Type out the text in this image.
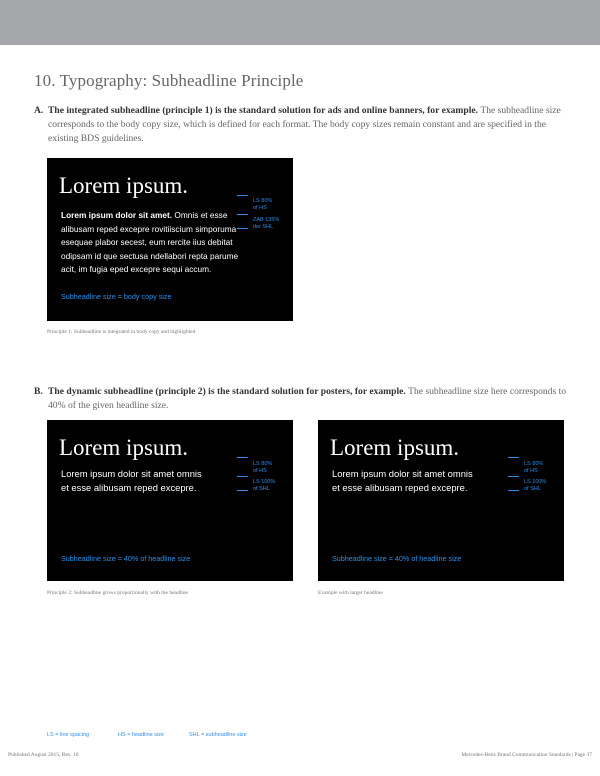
10. Typography: Subheadline Principle
A. The integrated subheadline (principle 1) is the standard solution for ads and online banners, for example. The subheadline size corresponds to the body copy size, which is defined for each format. The body copy sizes remain constant and are specified in the existing BDS guidelines.
Lorem ipsum.
Lorem ipsum dolor sit amet. Omnis et esse
alibusam reped excepre rovitiiscium simporuma
esequae plabor secest, eum rercite iius debitat
odipsam id que sectusa ndellabori repta parume
acit, im fugia eped excepre sequi accum.
LS 80%
of HS
ZAB 135%
der SHL
Subheadline size = body copy size
Principle 1: Subheadline is integrated in body copy and highlighted
B. The dynamic subheadline (principle 2) is the standard solution for posters, for example. The subheadline size here corresponds to 40% of the given headline size.
Lorem ipsum.
Lorem ipsum dolor sit amet omnis
et esse alibusam reped excepre.
LS 80%
of HS
LS 100%
of SHL
Subheadline size = 40% of headline size
Lorem ipsum.
Lorem ipsum dolor sit amet omnis
et esse alibusam reped excepre.
LS 80%
of HS
LS 100%
of SHL
Subheadline size = 40% of headline size
Principle 2: Subheadline grows proportionally with the headline	Example with larger headline
LS = line spacing	HS = headline size	SHL = subheadline size
Published August 2015, Rev. 10	Mercedes-Benz Brand Communication Standards | Page 37
